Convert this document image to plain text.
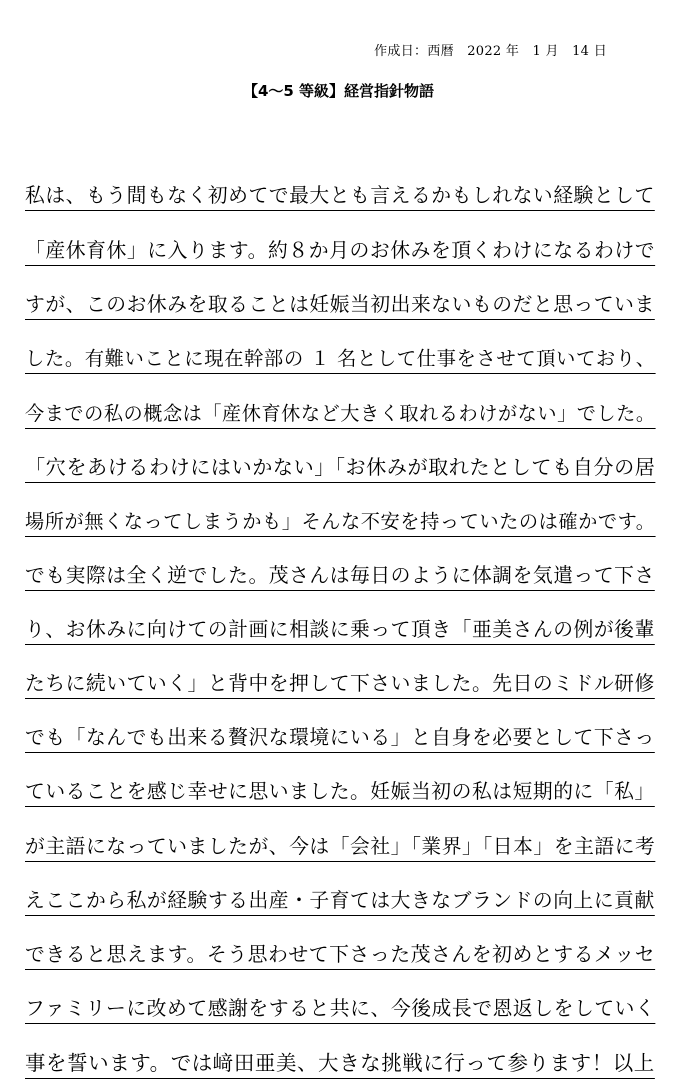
作成日：西暦　2022 年　1 月　14 日
【4～5 等級】経営指針物語
私は、もう間もなく初めてで最大とも言えるかもしれない経験として
「産休育休」に入ります。約８か月のお休みを頂くわけになるわけで
すが、このお休みを取ることは妊娠当初出来ないものだと思っていま
した。有難いことに現在幹部の １ 名として仕事をさせて頂いており、
今までの私の概念は「産休育休など大きく取れるわけがない」でした。
「穴をあけるわけにはいかない」「お休みが取れたとしても自分の居
場所が無くなってしまうかも」そんな不安を持っていたのは確かです。
でも実際は全く逆でした。茂さんは毎日のように体調を気遣って下さ
り、お休みに向けての計画に相談に乗って頂き「亜美さんの例が後輩
たちに続いていく」と背中を押して下さいました。先日のミドル研修
でも「なんでも出来る贅沢な環境にいる」と自身を必要として下さっ
ていることを感じ幸せに思いました。妊娠当初の私は短期的に「私」
が主語になっていましたが、今は「会社」「業界」「日本」を主語に考
えここから私が経験する出産・子育ては大きなブランドの向上に貢献
できると思えます。そう思わせて下さった茂さんを初めとするメッセ
ファミリーに改めて感謝をすると共に、今後成長で恩返しをしていく
事を誓います。では﨑田亜美、大きな挑戦に行って参ります！以上
